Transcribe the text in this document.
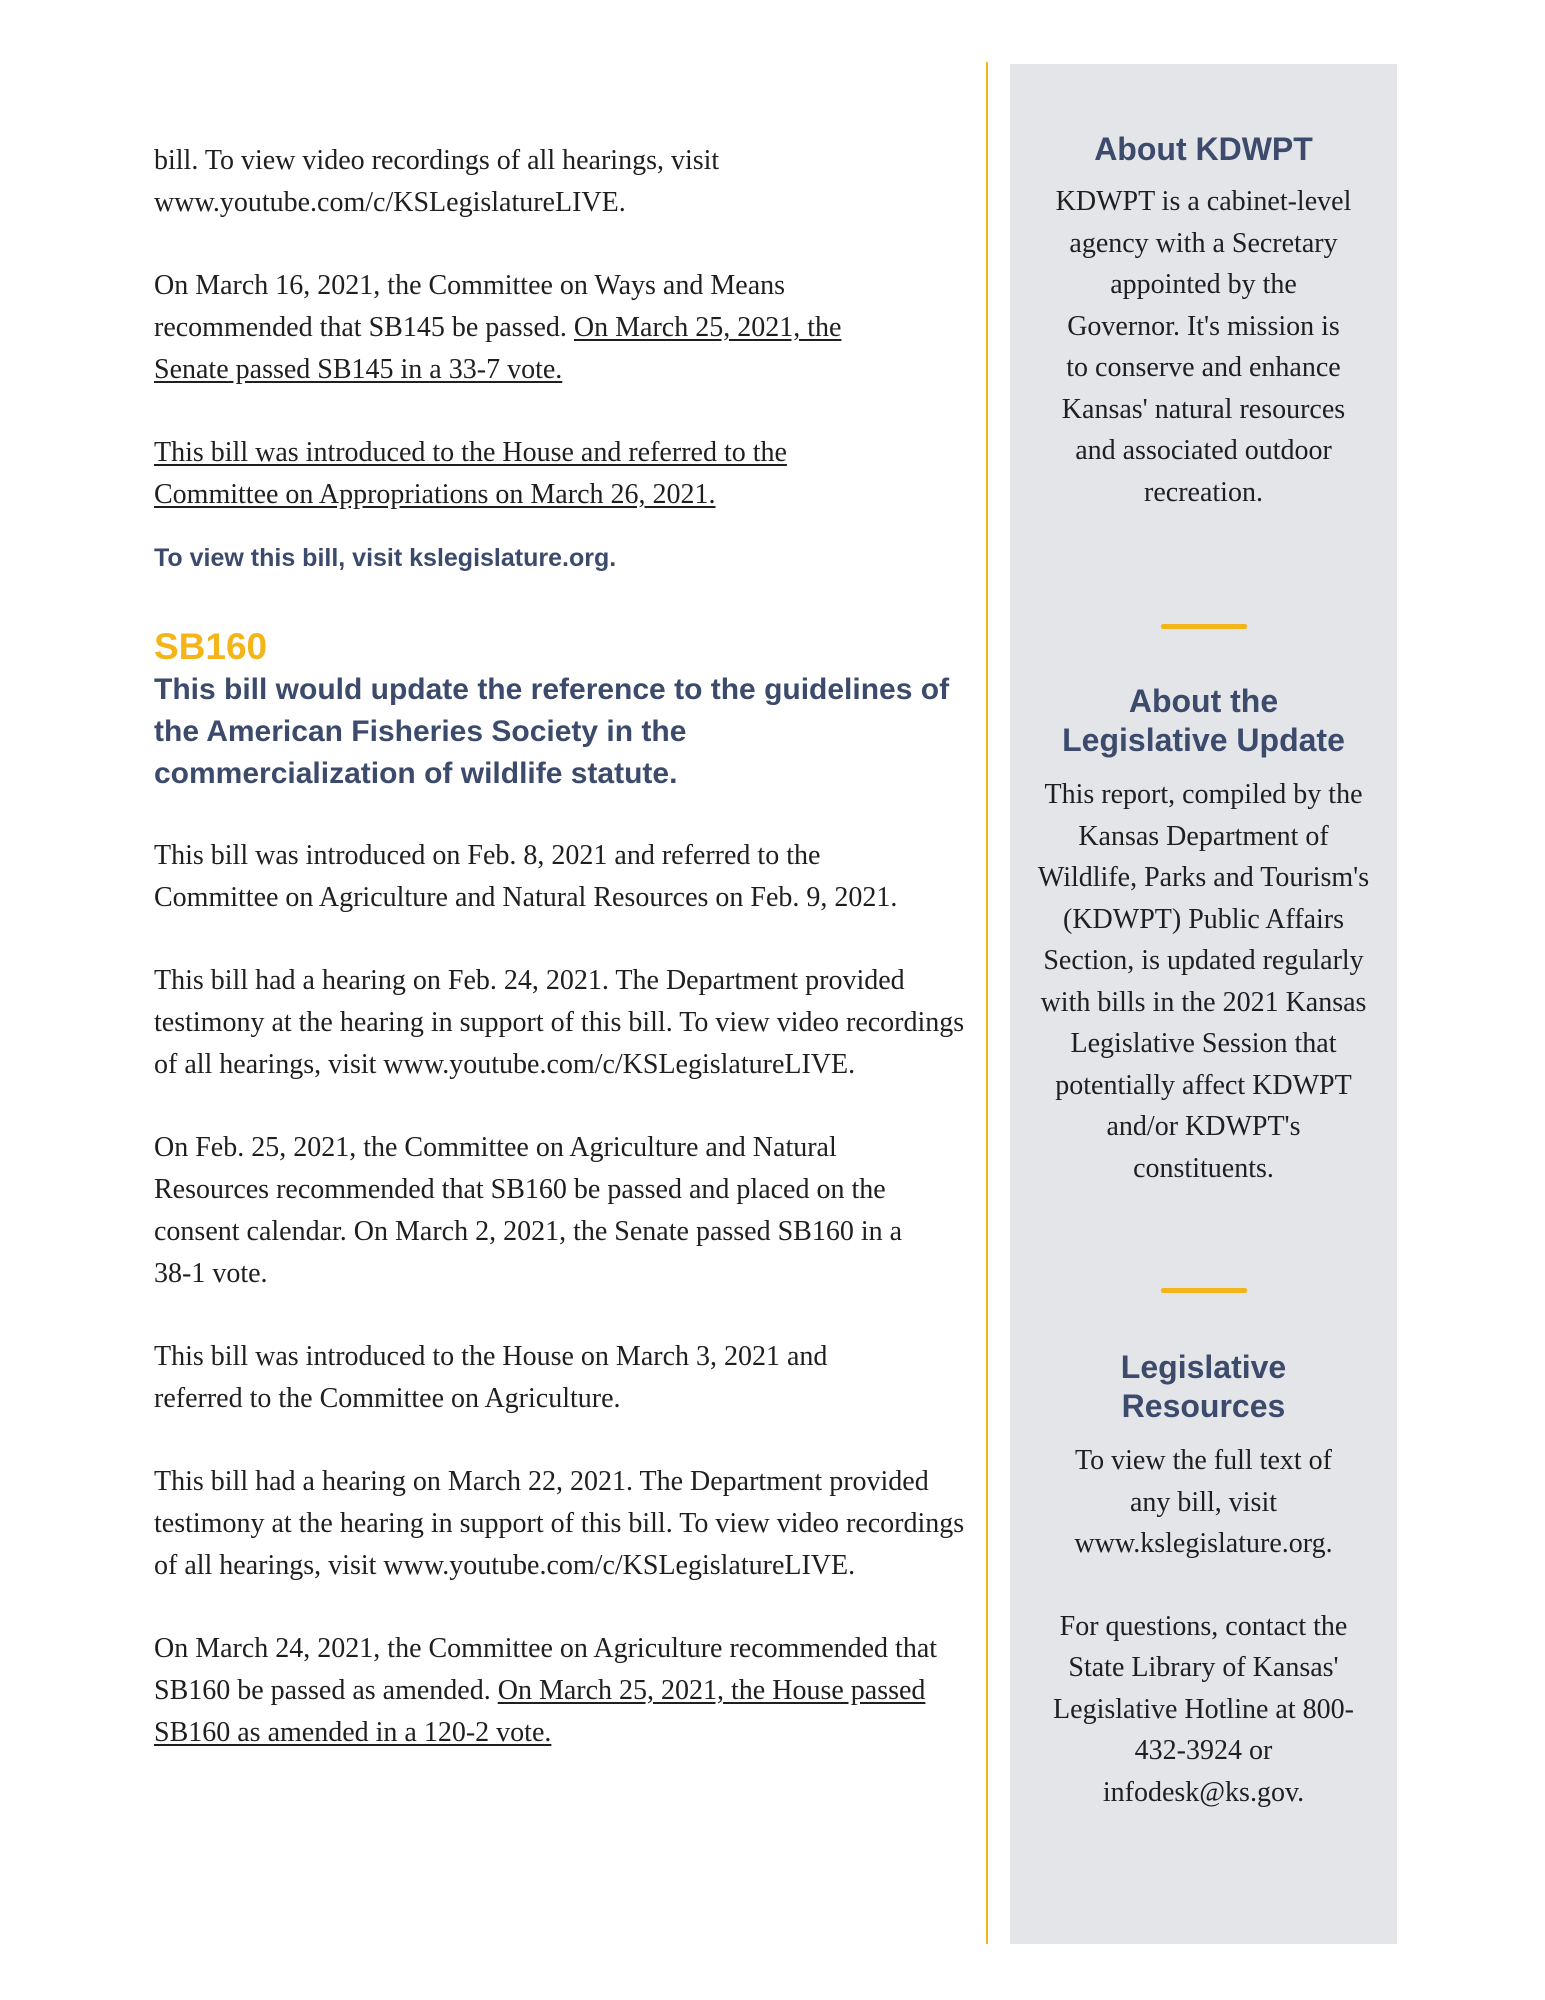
bill. To view video recordings of all hearings, visit www.youtube.com/c/KSLegislatureLIVE.

On March 16, 2021, the Committee on Ways and Means recommended that SB145 be passed. On March 25, 2021, the Senate passed SB145 in a 33-7 vote.

This bill was introduced to the House and referred to the Committee on Appropriations on March 26, 2021.

To view this bill, visit kslegislature.org.

SB160

This bill would update the reference to the guidelines of the American Fisheries Society in the commercialization of wildlife statute.

This bill was introduced on Feb. 8, 2021 and referred to the Committee on Agriculture and Natural Resources on Feb. 9, 2021.

This bill had a hearing on Feb. 24, 2021. The Department provided testimony at the hearing in support of this bill. To view video recordings of all hearings, visit www.youtube.com/c/KSLegislatureLIVE.

On Feb. 25, 2021, the Committee on Agriculture and Natural Resources recommended that SB160 be passed and placed on the consent calendar. On March 2, 2021, the Senate passed SB160 in a 38-1 vote.

This bill was introduced to the House on March 3, 2021 and referred to the Committee on Agriculture.

This bill had a hearing on March 22, 2021. The Department provided testimony at the hearing in support of this bill. To view video recordings of all hearings, visit www.youtube.com/c/KSLegislatureLIVE.

On March 24, 2021, the Committee on Agriculture recommended that SB160 be passed as amended. On March 25, 2021, the House passed SB160 as amended in a 120-2 vote.

About KDWPT

KDWPT is a cabinet-level agency with a Secretary appointed by the Governor. It's mission is to conserve and enhance Kansas' natural resources and associated outdoor recreation.

About the Legislative Update

This report, compiled by the Kansas Department of Wildlife, Parks and Tourism's (KDWPT) Public Affairs Section, is updated regularly with bills in the 2021 Kansas Legislative Session that potentially affect KDWPT and/or KDWPT's constituents.

Legislative Resources

To view the full text of any bill, visit www.kslegislature.org.

For questions, contact the State Library of Kansas' Legislative Hotline at 800-432-3924 or infodesk@ks.gov.
